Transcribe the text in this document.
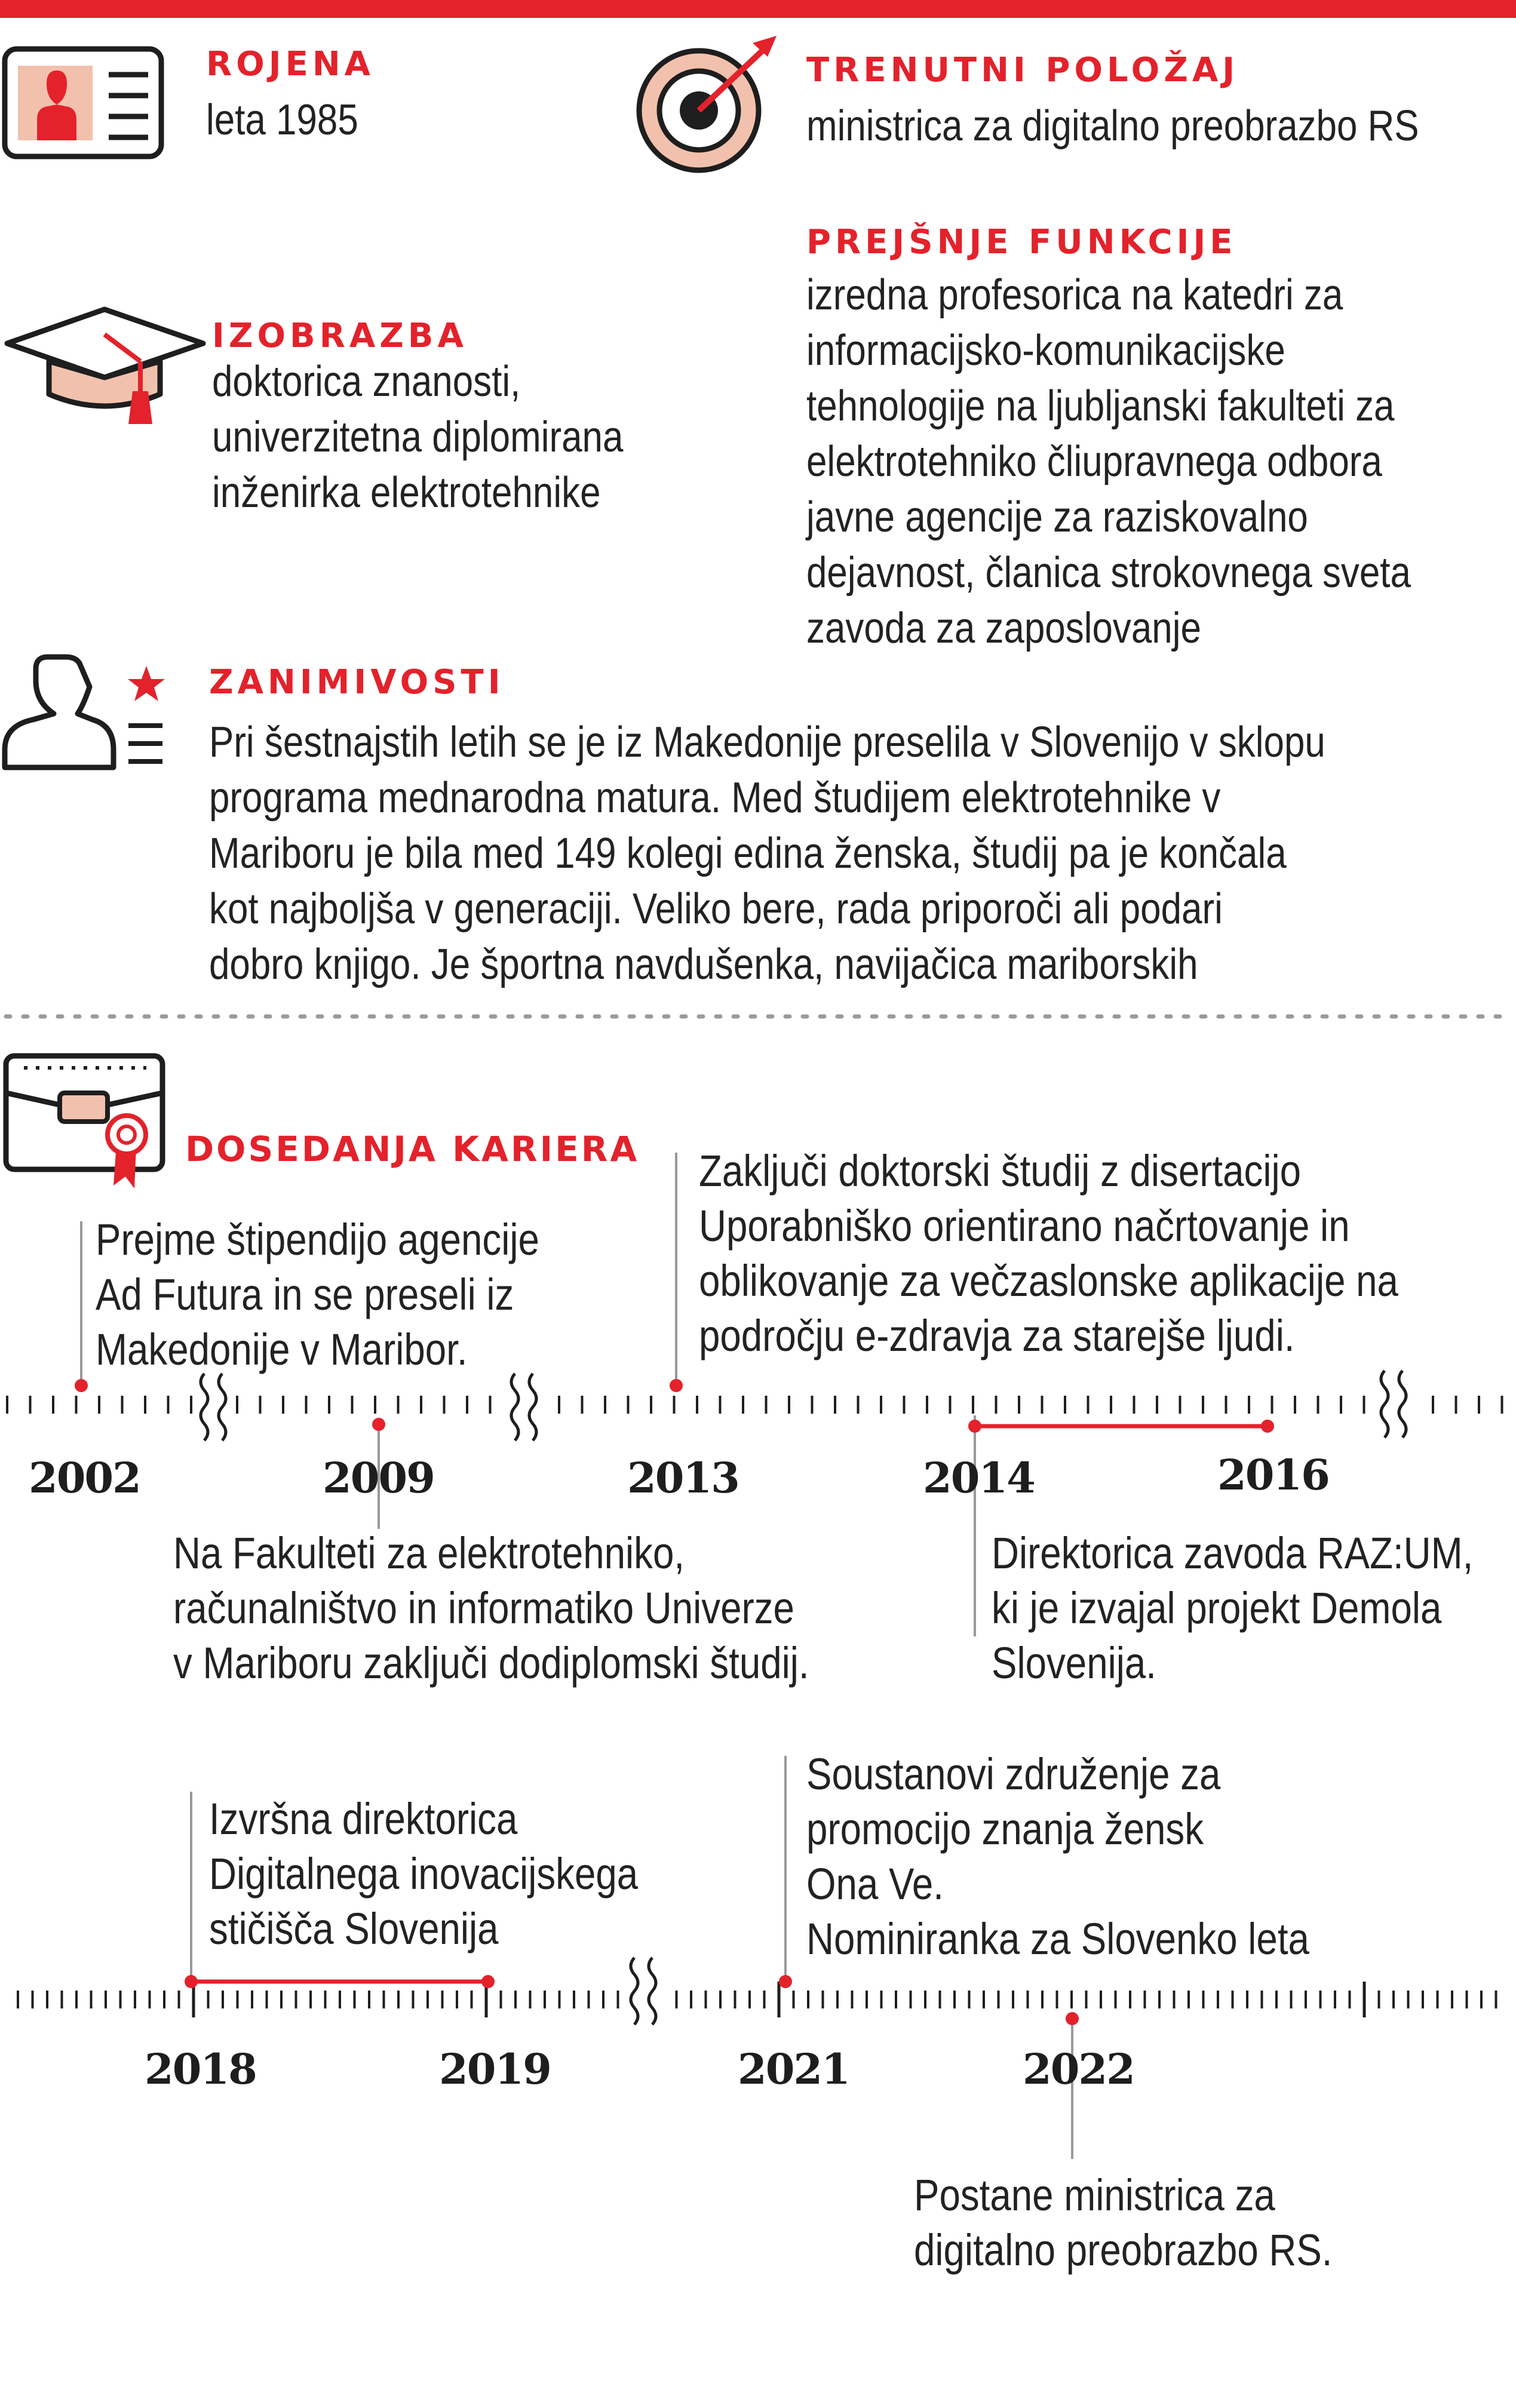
ROJENA
leta 1985
TRENUTNI POLOŽAJ
ministrica za digitalno preobrazbo RS
PREJŠNJE FUNKCIJE
izredna profesorica na katedri za
informacijsko-komunikacijske
tehnologije na ljubljanski fakulteti za
elektrotehniko čliupravnega odbora
javne agencije za raziskovalno
dejavnost, članica strokovnega sveta
zavoda za zaposlovanje
IZOBRAZBA
doktorica znanosti,
univerzitetna diplomirana
inženirka elektrotehnike
ZANIMIVOSTI
Pri šestnajstih letih se je iz Makedonije preselila v Slovenijo v sklopu
programa mednarodna matura. Med študijem elektrotehnike v
Mariboru je bila med 149 kolegi edina ženska, študij pa je končala
kot najboljša v generaciji. Veliko bere, rada priporoči ali podari
dobro knjigo. Je športna navdušenka, navijačica mariborskih
DOSEDANJA KARIERA
2002	2009	2013	2014	2016
2018	2019	2021	2022
Prejme štipendijo agencije
Ad Futura in se preseli iz
Makedonije v Maribor.
Zaključi doktorski študij z disertacijo
Uporabniško orientirano načrtovanje in
oblikovanje za večzaslonske aplikacije na
področju e-zdravja za starejše ljudi.
Na Fakulteti za elektrotehniko,
računalništvo in informatiko Univerze
v Mariboru zaključi dodiplomski študij.
Direktorica zavoda RAZ:UM,
ki je izvajal projekt Demola
Slovenija.
Izvršna direktorica
Digitalnega inovacijskega
stičišča Slovenija
Soustanovi združenje za
promocijo znanja žensk
Ona Ve.
Nominiranka za Slovenko leta
Postane ministrica za
digitalno preobrazbo RS.
